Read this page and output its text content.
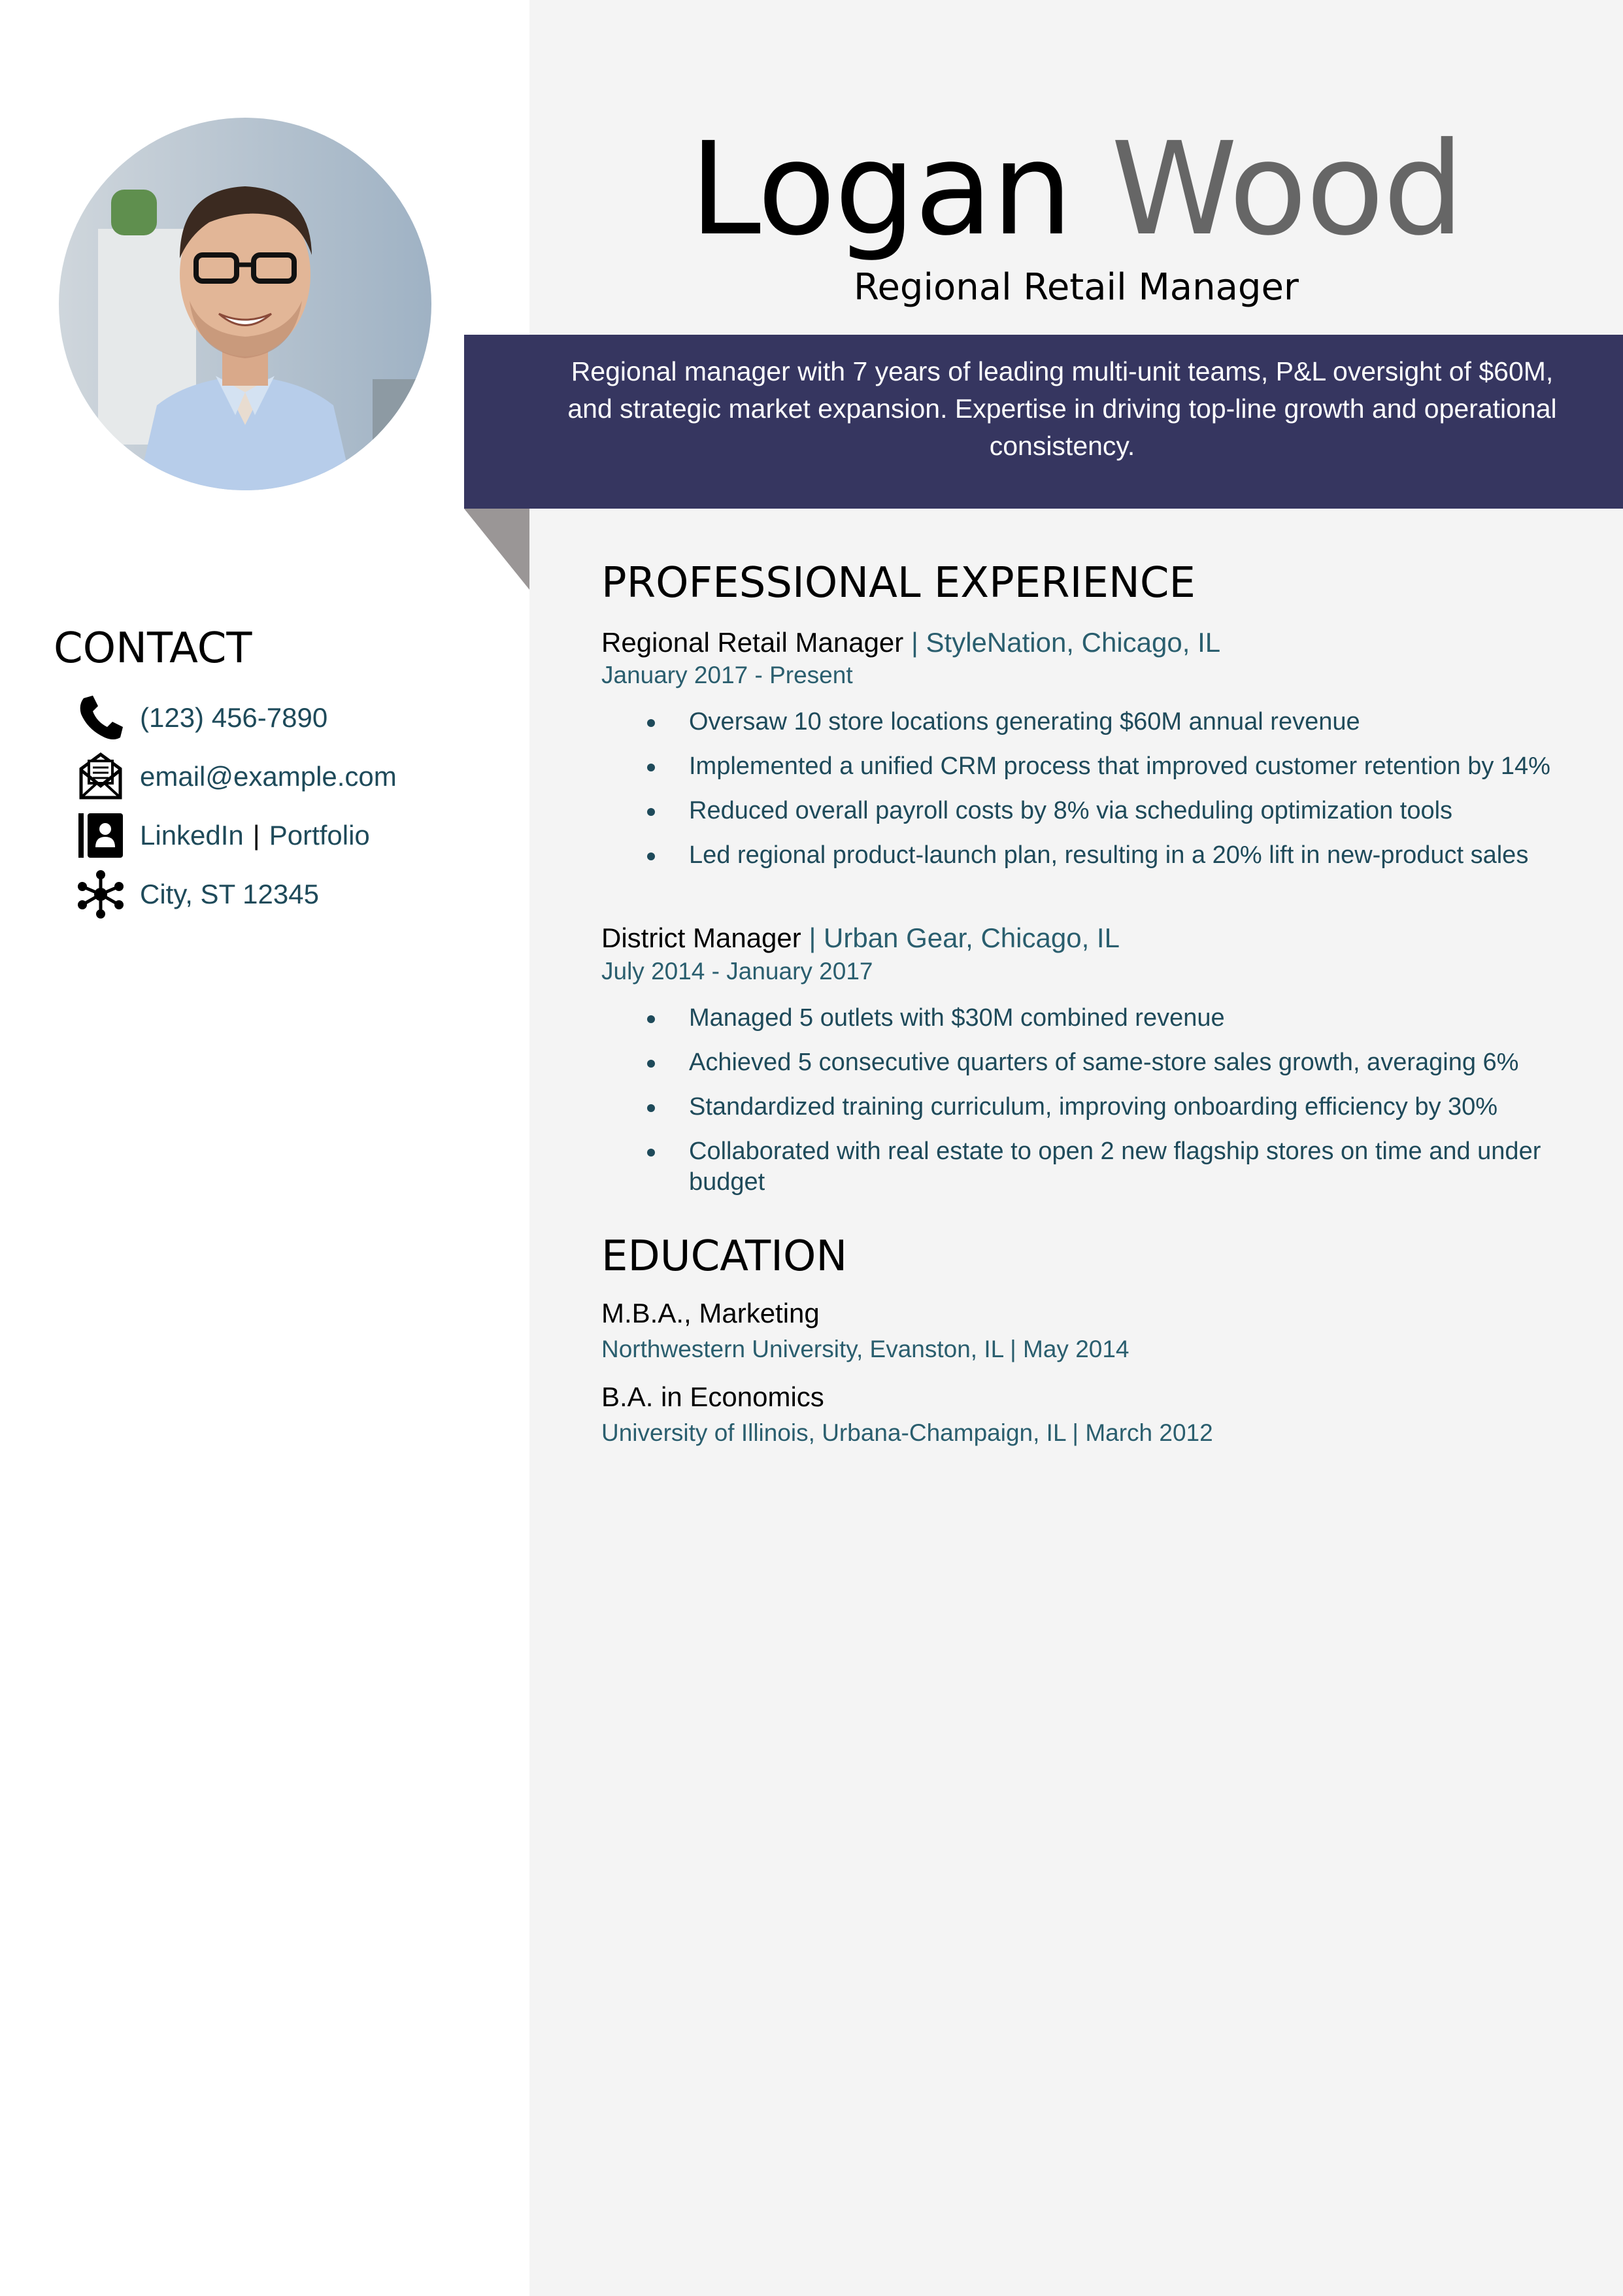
Logan Wood

Regional Retail Manager

Regional manager with 7 years of leading multi-unit teams, P&L oversight of $60M, and strategic market expansion. Expertise in driving top-line growth and operational consistency.

CONTACT
(123) 456-7890
email@example.com
LinkedIn | Portfolio
City, ST 12345
PROFESSIONAL EXPERIENCE

Regional Retail Manager | StyleNation, Chicago, IL

January 2017 - Present

Oversaw 10 store locations generating $60M annual revenue
Implemented a unified CRM process that improved customer retention by 14%
Reduced overall payroll costs by 8% via scheduling optimization tools
Led regional product-launch plan, resulting in a 20% lift in new-product sales

District Manager | Urban Gear, Chicago, IL

July 2014 - January 2017

Managed 5 outlets with $30M combined revenue
Achieved 5 consecutive quarters of same-store sales growth, averaging 6%
Standardized training curriculum, improving onboarding efficiency by 30%
Collaborated with real estate to open 2 new flagship stores on time and under budget
EDUCATION

M.B.A., Marketing

Northwestern University, Evanston, IL | May 2014

B.A. in Economics

University of Illinois, Urbana-Champaign, IL | March 2012
